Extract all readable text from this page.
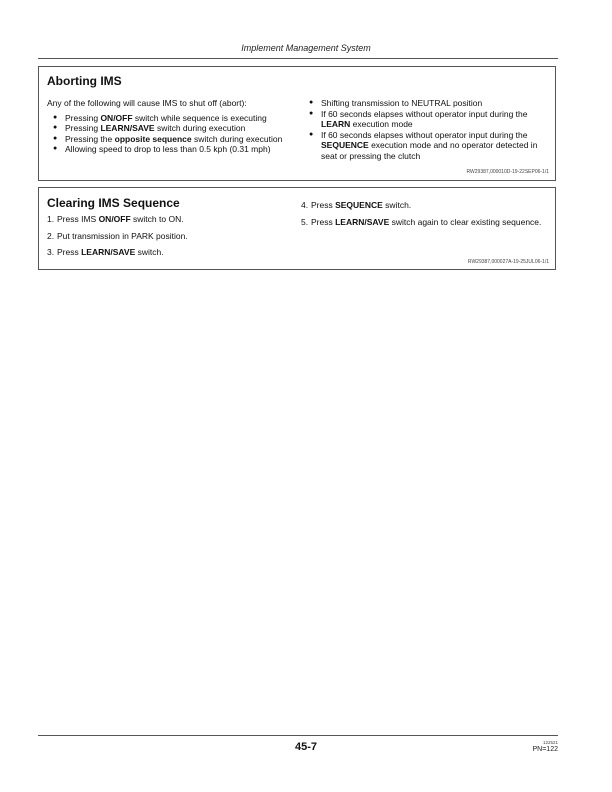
Implement Management System
Aborting IMS
Any of the following will cause IMS to shut off (abort):
● Pressing ON/OFF switch while sequence is executing
● Pressing LEARN/SAVE switch during execution
● Pressing the opposite sequence switch during execution
● Allowing speed to drop to less than 0.5 kph (0.31 mph)
● Shifting transmission to NEUTRAL position
● If 60 seconds elapses without operator input during the LEARN execution mode
● If 60 seconds elapses without operator input during the SEQUENCE execution mode and no operator detected in seat or pressing the clutch
RW29387,000010D-19-22SEP06-1/1
Clearing IMS Sequence
1. Press IMS ON/OFF switch to ON.
2. Put transmission in PARK position.
3. Press LEARN/SAVE switch.
4. Press SEQUENCE switch.
5. Press LEARN/SAVE switch again to clear existing sequence.
RW29387,000027A-19-25JUL06-1/1
45-7	122521
PN=122
